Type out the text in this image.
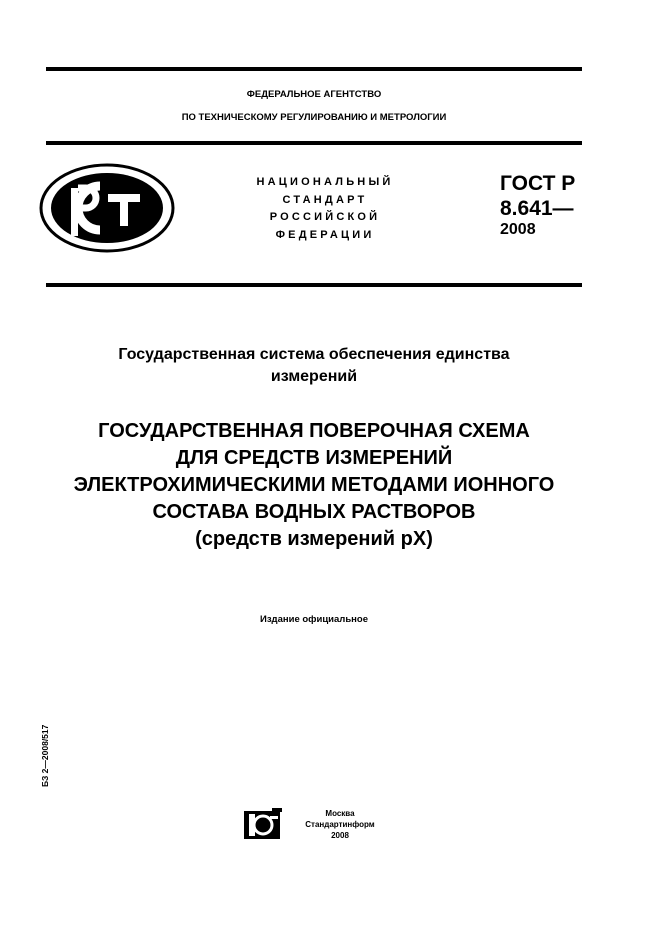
ФЕДЕРАЛЬНОЕ АГЕНТСТВО
ПО ТЕХНИЧЕСКОМУ РЕГУЛИРОВАНИЮ И МЕТРОЛОГИИ
РСТ
НАЦИОНАЛЬНЫЙ
СТАНДАРТ
РОССИЙСКОЙ
ФЕДЕРАЦИИ
ГОСТ Р
8.641—
2008
Государственная система обеспечения единства
измерений
ГОСУДАРСТВЕННАЯ ПОВЕРОЧНАЯ СХЕМА
ДЛЯ СРЕДСТВ ИЗМЕРЕНИЙ
ЭЛЕКТРОХИМИЧЕСКИМИ МЕТОДАМИ ИОННОГО
СОСТАВА ВОДНЫХ РАСТВОРОВ
(средств измерений рХ)
Издание официальное
БЗ 2—2008/517
Москва
Стандартинформ
2008
